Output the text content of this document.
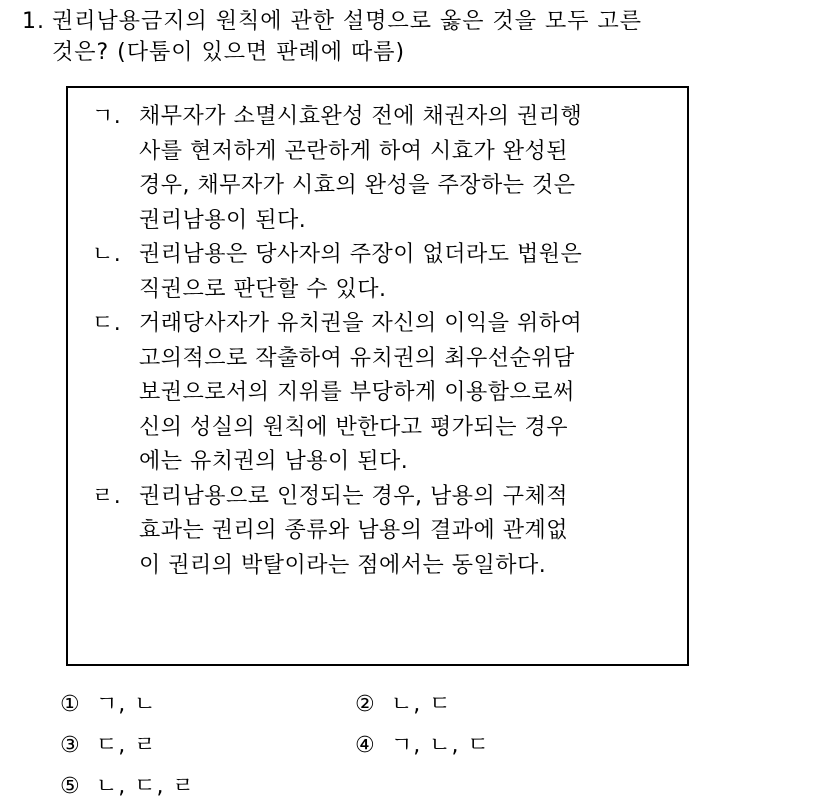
1. 권리남용금지의 원칙에 관한 설명으로 옳은 것을 모두 고른
것은? (다툼이 있으면 판례에 따름)
ㄱ. 채무자가 소멸시효완성 전에 채권자의 권리행
사를 현저하게 곤란하게 하여 시효가 완성된
경우, 채무자가 시효의 완성을 주장하는 것은
권리남용이 된다.
ㄴ. 권리남용은 당사자의 주장이 없더라도 법원은
직권으로 판단할 수 있다.
ㄷ. 거래당사자가 유치권을 자신의 이익을 위하여
고의적으로 작출하여 유치권의 최우선순위담
보권으로서의 지위를 부당하게 이용함으로써
신의 성실의 원칙에 반한다고 평가되는 경우
에는 유치권의 남용이 된다.
ㄹ. 권리남용으로 인정되는 경우, 남용의 구체적
효과는 권리의 종류와 남용의 결과에 관계없
이 권리의 박탈이라는 점에서는 동일하다.
① ㄱ, ㄴ	② ㄴ, ㄷ
③ ㄷ, ㄹ	④ ㄱ, ㄴ, ㄷ
⑤ ㄴ, ㄷ, ㄹ
